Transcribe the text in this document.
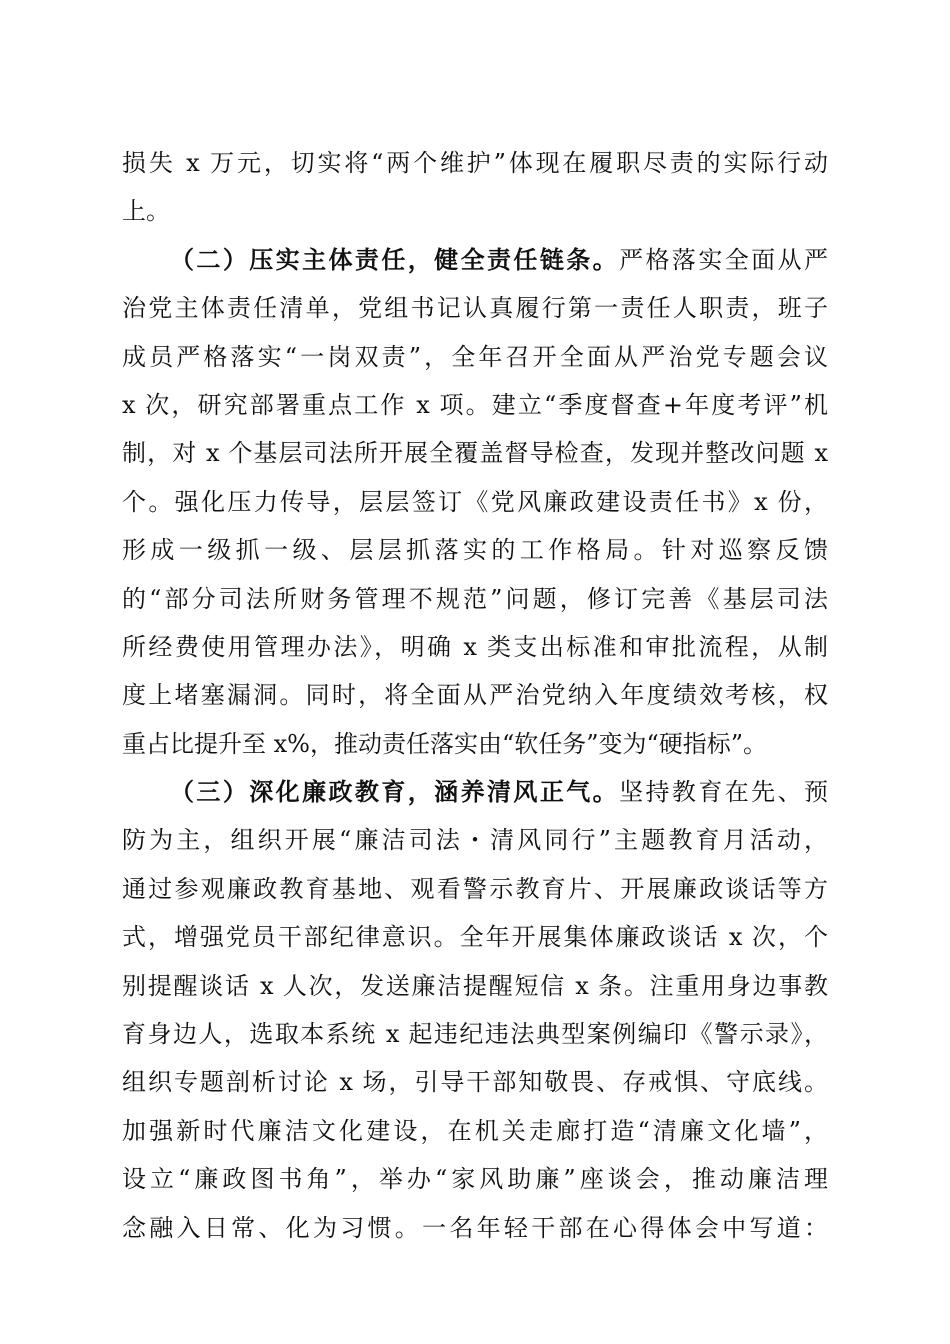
损失 x 万元，切实将“两个维护”体现在履职尽责的实际行动
上。
（二）压实主体责任，健全责任链条。严格落实全面从严
治党主体责任清单，党组书记认真履行第一责任人职责，班子
成员严格落实“一岗双责”，全年召开全面从严治党专题会议
x 次，研究部署重点工作 x 项。建立“季度督查+年度考评”机
制，对 x 个基层司法所开展全覆盖督导检查，发现并整改问题 x
个。强化压力传导，层层签订《党风廉政建设责任书》x 份，
形成一级抓一级、层层抓落实的工作格局。针对巡察反馈
的“部分司法所财务管理不规范”问题，修订完善《基层司法
所经费使用管理办法》，明确 x 类支出标准和审批流程，从制
度上堵塞漏洞。同时，将全面从严治党纳入年度绩效考核，权
重占比提升至 x%，推动责任落实由“软任务”变为“硬指标”。
（三）深化廉政教育，涵养清风正气。坚持教育在先、预
防为主，组织开展“廉洁司法・清风同行”主题教育月活动，
通过参观廉政教育基地、观看警示教育片、开展廉政谈话等方
式，增强党员干部纪律意识。全年开展集体廉政谈话 x 次，个
别提醒谈话 x 人次，发送廉洁提醒短信 x 条。注重用身边事教
育身边人，选取本系统 x 起违纪违法典型案例编印《警示录》，
组织专题剖析讨论 x 场，引导干部知敬畏、存戒惧、守底线。
加强新时代廉洁文化建设，在机关走廊打造“清廉文化墙”，
设立“廉政图书角”，举办“家风助廉”座谈会，推动廉洁理
念融入日常、化为习惯。一名年轻干部在心得体会中写道：
